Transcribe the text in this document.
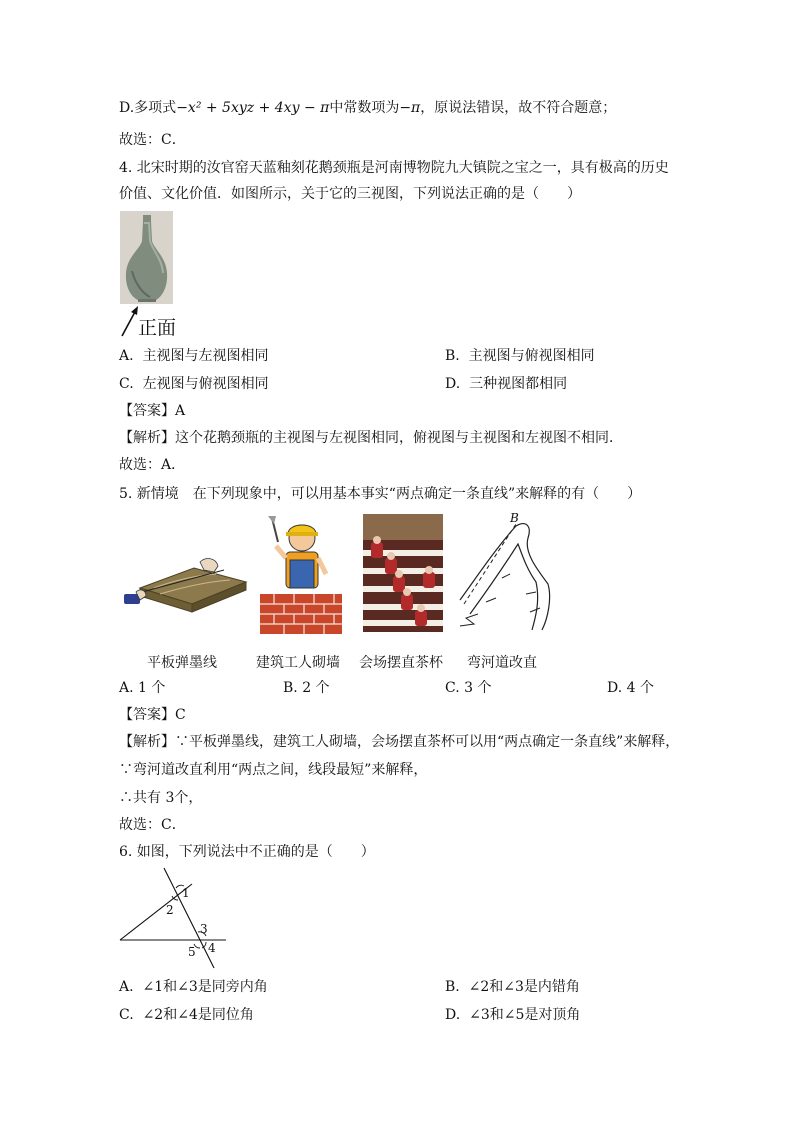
D.多项式−x² + 5xyz + 4xy − π中常数项为−π，原说法错误，故不符合题意；
故选：C．
4. 北宋时期的汝官窑天蓝釉刻花鹅颈瓶是河南博物院九大镇院之宝之一，具有极高的历史
价值、文化价值．如图所示，关于它的三视图，下列说法正确的是（　　）
正面
A. 主视图与左视图相同	B. 主视图与俯视图相同
C. 左视图与俯视图相同	D. 三种视图都相同
【答案】A
【解析】这个花鹅颈瓶的主视图与左视图相同，俯视图与主视图和左视图不相同．
故选：A．
5. 新情境　在下列现象中，可以用基本事实“两点确定一条直线”来解释的有（　　）
B
平板弹墨线	建筑工人砌墙 会场摆直茶杯 弯河道改直
A. 1 个	B. 2 个	C. 3 个	D. 4 个
【答案】C
【解析】∵平板弹墨线，建筑工人砌墙，会场摆直茶杯可以用“两点确定一条直线”来解释，
∵弯河道改直利用“两点之间，线段最短”来解释，
∴共有 3个，
故选：C．
6. 如图，下列说法中不正确的是（　　）
1
2
3
4
5
A. ∠1和∠3是同旁内角	B. ∠2和∠3是内错角
C. ∠2和∠4是同位角	D. ∠3和∠5是对顶角
